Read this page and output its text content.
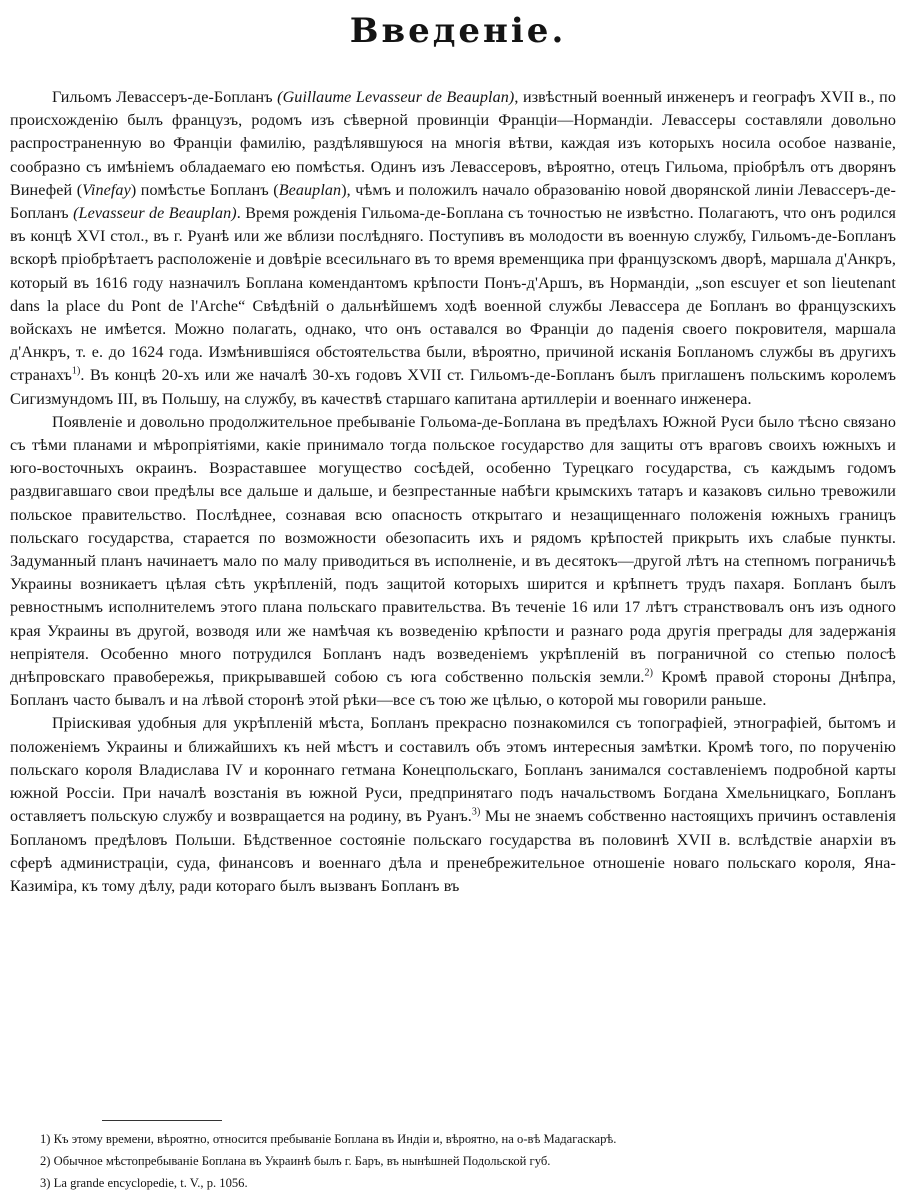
Введеніе.

Гильомъ Левассеръ-де-Бопланъ (Guillaume Levasseur de Beauplan), извѣстный военный инженеръ и географъ XVII в., по происхожденію былъ французъ, родомъ изъ сѣверной провинціи Франціи—Нормандіи. Левассеры составляли довольно распространенную во Франціи фамилію, раздѣлявшуюся на многія вѣтви, каждая изъ которыхъ носила особое названіе, сообразно съ имѣніемъ обладаемаго ею помѣстья. Одинъ изъ Левассеровъ, вѣроятно, отецъ Гильома, пріобрѣлъ отъ дворянъ Винефей (Vinefay) помѣстье Бопланъ (Beauplan), чѣмъ и положилъ начало образованію новой дворянской линіи Левассеръ-де-Бопланъ (Levasseur de Beauplan). Время рожденія Гильома-де-Боплана съ точностью не извѣстно. Полагаютъ, что онъ родился въ концѣ XVI стол., въ г. Руанѣ или же вблизи послѣдняго. Поступивъ въ молодости въ военную службу, Гильомъ-де-Бопланъ вскорѣ пріобрѣтаетъ расположеніе и довѣріе всесильнаго въ то время временщика при французскомъ дворѣ, маршала д'Анкръ, который въ 1616 году назначилъ Боплана комендантомъ крѣпости Понъ-д'Аршъ, въ Нормандіи, „son escuyer et son lieutenant dans la place du Pont de l'Arche“ Свѣдѣній о дальнѣйшемъ ходѣ военной службы Левассера де Бопланъ во французскихъ войскахъ не имѣется. Можно полагать, однако, что онъ оставался во Франціи до паденія своего покровителя, маршала д'Анкръ, т. е. до 1624 года. Измѣнившіяся обстоятельства были, вѣроятно, причиной исканія Бопланомъ службы въ другихъ странахъ$^{1)}$. Въ концѣ 20-хъ или же началѣ 30-хъ годовъ XVII ст. Гильомъ-де-Бопланъ былъ приглашенъ польскимъ королемъ Сигизмундомъ III, въ Польшу, на службу, въ качествѣ старшаго капитана артиллеріи и военнаго инженера.

Появленіе и довольно продолжительное пребываніе Гольома-де-Боплана въ предѣлахъ Южной Руси было тѣсно связано съ тѣми планами и мѣропріятіями, какіе принимало тогда польское государство для защиты отъ враговъ своихъ южныхъ и юго-восточныхъ окраинъ. Возраставшее могущество сосѣдей, особенно Турецкаго государства, съ каждымъ годомъ раздвигавшаго свои предѣлы все дальше и дальше, и безпрестанные набѣги крымскихъ татаръ и казаковъ сильно тревожили польское правительство. Послѣднее, сознавая всю опасность открытаго и незащищеннаго положенія южныхъ границъ польскаго государства, старается по возможности обезопасить ихъ и рядомъ крѣпостей прикрыть ихъ слабые пункты. Задуманный планъ начинаетъ мало по малу приводиться въ исполненіе, и въ десятокъ—другой лѣтъ на степномъ пограничьѣ Украины возникаетъ цѣлая сѣть укрѣпленій, подъ защитой которыхъ ширится и крѣпнетъ трудъ пахаря. Бопланъ былъ ревностнымъ исполнителемъ этого плана польскаго правительства. Въ теченіе 16 или 17 лѣтъ странствовалъ онъ изъ одного края Украины въ другой, возводя или же намѣчая къ возведенію крѣпости и разнаго рода другія преграды для задержанія непріятеля. Особенно много потрудился Бопланъ надъ возведеніемъ укрѣпленій въ пограничной со степью полосѣ днѣпровскаго правобережья, прикрывавшей собою съ юга собственно польскія земли.$^{2)}$ Кромѣ правой стороны Днѣпра, Бопланъ часто бывалъ и на лѣвой сторонѣ этой рѣки—все съ тою же цѣлью, о которой мы говорили раньше.

Пріискивая удобныя для укрѣпленій мѣста, Бопланъ прекрасно познакомился съ топографіей, этнографіей, бытомъ и положеніемъ Украины и ближайшихъ къ ней мѣстъ и составилъ объ этомъ интересныя замѣтки. Кромѣ того, по порученію польскаго короля Владислава IV и короннаго гетмана Конецпольскаго, Бопланъ занимался составленіемъ подробной карты южной Россіи. При началѣ возстанія въ южной Руси, предпринятаго подъ начальствомъ Богдана Хмельницкаго, Бопланъ оставляетъ польскую службу и возвращается на родину, въ Руанъ.$^{3)}$ Мы не знаемъ собственно настоящихъ причинъ оставленія Бопланомъ предѣловъ Польши. Бѣдственное состояніе польскаго государства въ половинѣ XVII в. вслѣдствіе анархіи въ сферѣ администраціи, суда, финансовъ и военнаго дѣла и пренебрежительное отношеніе новаго польскаго короля, Яна-Казиміра, къ тому дѣлу, ради котораго былъ вызванъ Бопланъ въ

1) Къ этому времени, вѣроятно, относится пребываніе Боплана въ Индіи и, вѣроятно, на о-вѣ Мадагаскарѣ.
2) Обычное мѣстопребываніе Боплана въ Украинѣ былъ г. Баръ, въ нынѣшней Подольской губ.
3) La grande encyclopedie, t. V., p. 1056.
